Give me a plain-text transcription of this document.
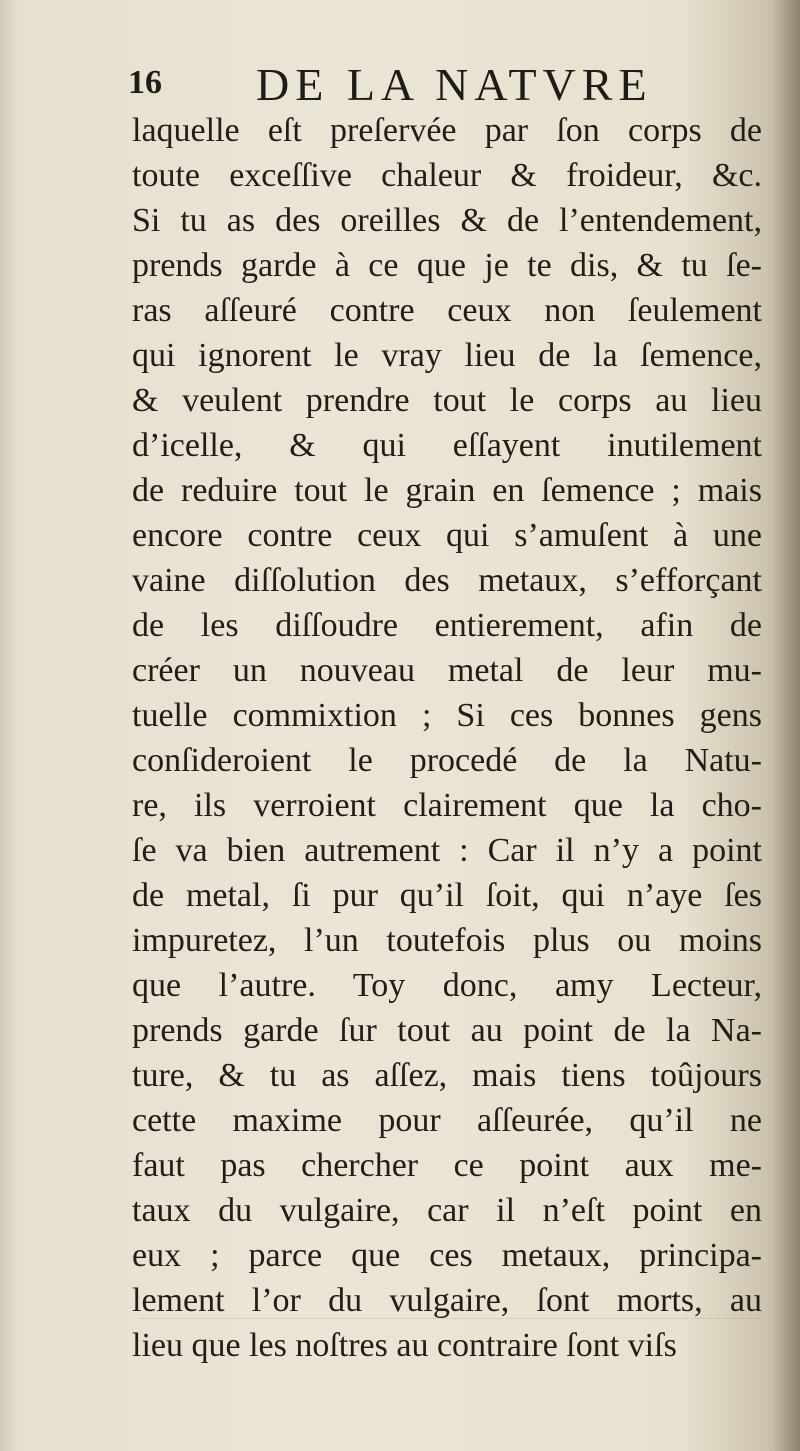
16 DE LA NATVRE
laquelle eſt preſervée par ſon corps de
toute exceſſive chaleur & froideur, &c.
Si tu as des oreilles & de l’entendement,
prends garde à ce que je te dis, & tu ſe-
ras aſſeuré contre ceux non ſeulement
qui ignorent le vray lieu de la ſemence,
& veulent prendre tout le corps au lieu
d’icelle, & qui eſſayent inutilement
de reduire tout le grain en ſemence ; mais
encore contre ceux qui s’amuſent à une
vaine diſſolution des metaux, s’efforçant
de les diſſoudre entierement, afin de
créer un nouveau metal de leur mu-
tuelle commixtion ; Si ces bonnes gens
conſideroient le procedé de la Natu-
re, ils verroient clairement que la cho-
ſe va bien autrement : Car il n’y a point
de metal, ſi pur qu’il ſoit, qui n’aye ſes
impuretez, l’un toutefois plus ou moins
que l’autre. Toy donc, amy Lecteur,
prends garde ſur tout au point de la Na-
ture, & tu as aſſez, mais tiens toûjours
cette maxime pour aſſeurée, qu’il ne
faut pas chercher ce point aux me-
taux du vulgaire, car il n’eſt point en
eux ; parce que ces metaux, principa-
lement l’or du vulgaire, ſont morts, au
lieu que les noſtres au contraire ſont viſs
